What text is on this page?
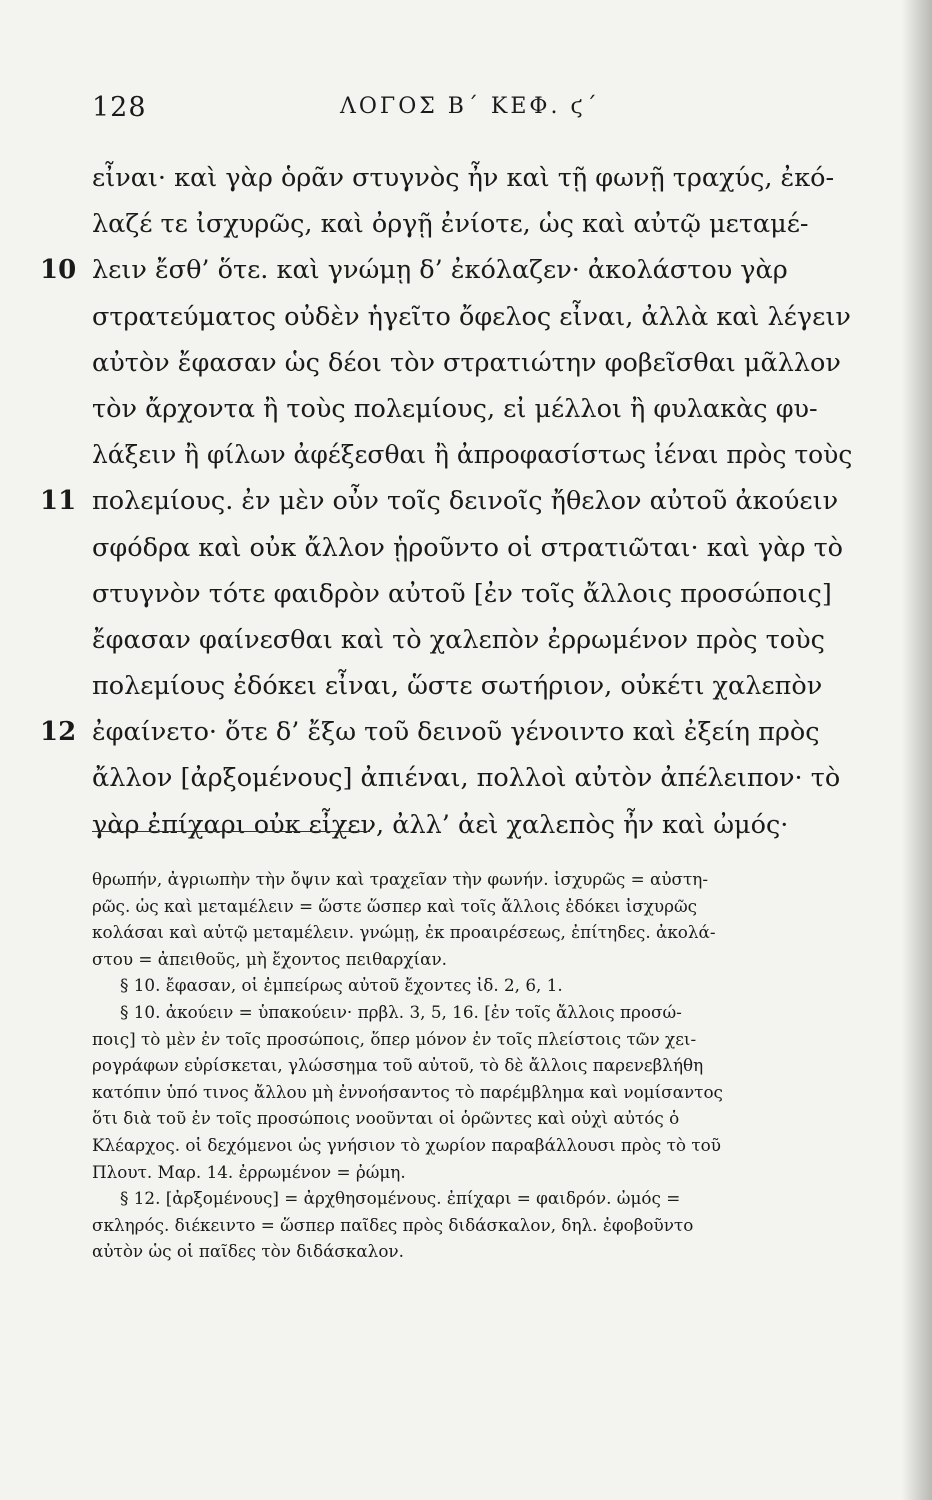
128	ΛΟΓΟΣ Β΄ ΚΕΦ. ϛ΄
εἶναι· καὶ γὰρ ὁρᾶν στυγνὸς ἦν καὶ τῇ φωνῇ τραχύς, ἐκό-
λαζέ τε ἰσχυρῶς, καὶ ὀργῇ ἐνίοτε, ὡς καὶ αὐτῷ μεταμέ-
10 λειν ἔσθ’ ὅτε. καὶ γνώμῃ δ’ ἐκόλαζεν· ἀκολάστου γὰρ
στρατεύματος οὐδὲν ἡγεῖτο ὄφελος εἶναι, ἀλλὰ καὶ λέγειν
αὐτὸν ἔφασαν ὡς δέοι τὸν στρατιώτην φοβεῖσθαι μᾶλλον
τὸν ἄρχοντα ἢ τοὺς πολεμίους, εἰ μέλλοι ἢ φυλακὰς φυ-
λάξειν ἢ φίλων ἀφέξεσθαι ἢ ἀπροφασίστως ἰέναι πρὸς τοὺς
11 πολεμίους. ἐν μὲν οὖν τοῖς δεινοῖς ἤθελον αὐτοῦ ἀκούειν
σφόδρα καὶ οὐκ ἄλλον ᾑροῦντο οἱ στρατιῶται· καὶ γὰρ τὸ
στυγνὸν τότε φαιδρὸν αὐτοῦ [ἐν τοῖς ἄλλοις προσώποις]
ἔφασαν φαίνεσθαι καὶ τὸ χαλεπὸν ἐρρωμένον πρὸς τοὺς
πολεμίους ἐδόκει εἶναι, ὥστε σωτήριον, οὐκέτι χαλεπὸν
12 ἐφαίνετο· ὅτε δ’ ἔξω τοῦ δεινοῦ γένοιντο καὶ ἐξείη πρὸς
ἄλλον [ἀρξομένους] ἀπιέναι, πολλοὶ αὐτὸν ἀπέλειπον· τὸ
γὰρ ἐπίχαρι οὐκ εἶχεν, ἀλλ’ ἀεὶ χαλεπὸς ἦν καὶ ὠμός·
θρωπήν, ἀγριωπὴν τὴν ὄψιν καὶ τραχεῖαν τὴν φωνήν. ἰσχυρῶς = αὐστη-
ρῶς. ὡς καὶ μεταμέλειν = ὥστε ὥσπερ καὶ τοῖς ἄλλοις ἐδόκει ἰσχυρῶς
κολάσαι καὶ αὐτῷ μεταμέλειν. γνώμῃ, ἐκ προαιρέσεως, ἐπίτηδες. ἀκολά-
στου = ἀπειθοῦς, μὴ ἔχοντος πειθαρχίαν.
§ 10. ἔφασαν, οἱ ἐμπείρως αὐτοῦ ἔχοντες ἰδ. 2, 6, 1.
§ 10. ἀκούειν = ὑπακούειν· πρβλ. 3, 5, 16. [ἐν τοῖς ἄλλοις προσώ-
ποις] τὸ μὲν ἐν τοῖς προσώποις, ὅπερ μόνον ἐν τοῖς πλείστοις τῶν χει-
ρογράφων εὑρίσκεται, γλώσσημα τοῦ αὐτοῦ, τὸ δὲ ἄλλοις παρενεβλήθη
κατόπιν ὑπό τινος ἄλλου μὴ ἐννοήσαντος τὸ παρέμβλημα καὶ νομίσαντος
ὅτι διὰ τοῦ ἐν τοῖς προσώποις νοοῦνται οἱ ὁρῶντες καὶ οὐχὶ αὐτός ὁ
Κλέαρχος. οἱ δεχόμενοι ὡς γνήσιον τὸ χωρίον παραβάλλουσι πρὸς τὸ τοῦ
Πλουτ. Μαρ. 14. ἐρρωμένον = ῥώμη.
§ 12. [ἀρξομένους] = ἀρχθησομένους. ἐπίχαρι = φαιδρόν. ὠμός =
σκληρός. διέκειντο = ὥσπερ παῖδες πρὸς διδάσκαλον, δηλ. ἐφοβοῦντο
αὐτὸν ὡς οἱ παῖδες τὸν διδάσκαλον.
